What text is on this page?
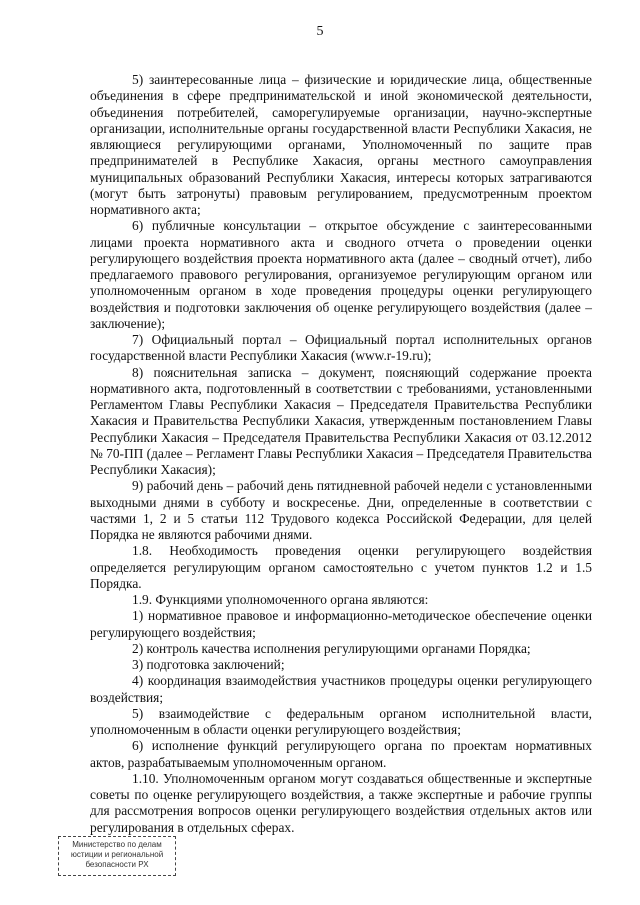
5

5) заинтересованные лица – физические и юридические лица, общественные объединения в сфере предпринимательской и иной экономической деятельности, объединения потребителей, саморегулируемые организации, научно-экспертные организации, исполнительные органы государственной власти Республики Хакасия, не являющиеся регулирующими органами, Уполномоченный по защите прав предпринимателей в Республике Хакасия, органы местного самоуправления муниципальных образований Республики Хакасия, интересы которых затрагиваются (могут быть затронуты) правовым регулированием, предусмотренным проектом нормативного акта;

6) публичные консультации – открытое обсуждение с заинтересованными лицами проекта нормативного акта и сводного отчета о проведении оценки регулирующего воздействия проекта нормативного акта (далее – сводный отчет), либо предлагаемого правового регулирования, организуемое регулирующим органом или уполномоченным органом в ходе проведения процедуры оценки регулирующего воздействия и подготовки заключения об оценке регулирующего воздействия (далее – заключение);

7) Официальный портал – Официальный портал исполнительных органов государственной власти Республики Хакасия (www.r-19.ru);

8) пояснительная записка – документ, поясняющий содержание проекта нормативного акта, подготовленный в соответствии с требованиями, установленными Регламентом Главы Республики Хакасия – Председателя Правительства Республики Хакасия и Правительства Республики Хакасия, утвержденным постановлением Главы Республики Хакасия – Председателя Правительства Республики Хакасия от 03.12.2012 № 70-ПП (далее – Регламент Главы Республики Хакасия – Председателя Правительства Республики Хакасия);

9) рабочий день – рабочий день пятидневной рабочей недели с установленными выходными днями в субботу и воскресенье. Дни, определенные в соответствии с частями 1, 2 и 5 статьи 112 Трудового кодекса Российской Федерации, для целей Порядка не являются рабочими днями.

1.8. Необходимость проведения оценки регулирующего воздействия определяется регулирующим органом самостоятельно с учетом пунктов 1.2 и 1.5 Порядка.

1.9. Функциями уполномоченного органа являются:

1) нормативное правовое и информационно-методическое обеспечение оценки регулирующего воздействия;

2) контроль качества исполнения регулирующими органами Порядка;

3) подготовка заключений;

4) координация взаимодействия участников процедуры оценки регулирующего воздействия;

5) взаимодействие с федеральным органом исполнительной власти, уполномоченным в области оценки регулирующего воздействия;

6) исполнение функций регулирующего органа по проектам нормативных актов, разрабатываемым уполномоченным органом.

1.10. Уполномоченным органом могут создаваться общественные и экспертные советы по оценке регулирующего воздействия, а также экспертные и рабочие группы для рассмотрения вопросов оценки регулирующего воздействия отдельных актов или регулирования в отдельных сферах.

Министерство по делам
юстиции и региональной
безопасности РХ
